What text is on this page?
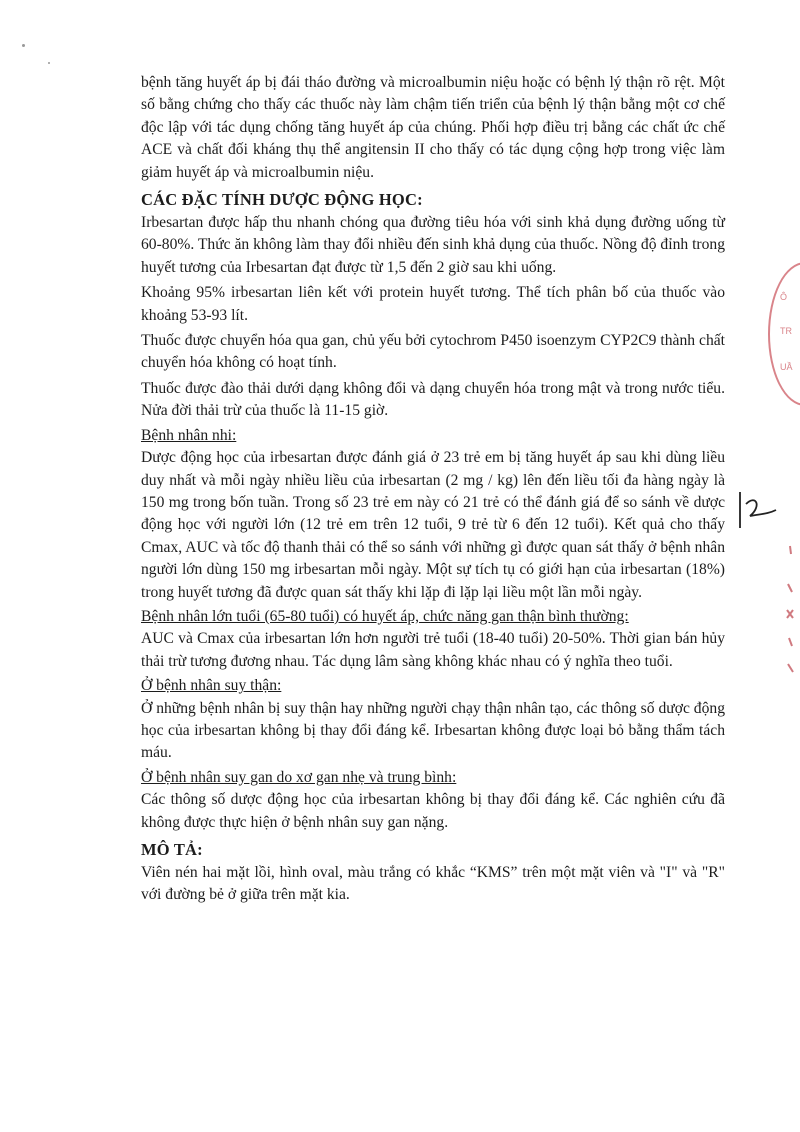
bệnh tăng huyết áp bị đái tháo đường và microalbumin niệu hoặc có bệnh lý thận rõ rệt. Một số bằng chứng cho thấy các thuốc này làm chậm tiến triển của bệnh lý thận bằng một cơ chế độc lập với tác dụng chống tăng huyết áp của chúng. Phối hợp điều trị bằng các chất ức chế ACE và chất đối kháng thụ thể angitensin II cho thấy có tác dụng cộng hợp trong việc làm giảm huyết áp và microalbumin niệu.

CÁC ĐẶC TÍNH DƯỢC ĐỘNG HỌC:

Irbesartan được hấp thu nhanh chóng qua đường tiêu hóa với sinh khả dụng đường uống từ 60-80%. Thức ăn không làm thay đổi nhiều đến sinh khả dụng của thuốc. Nồng độ đỉnh trong huyết tương của Irbesartan đạt được từ 1,5 đến 2 giờ sau khi uống.

Khoảng 95% irbesartan liên kết với protein huyết tương. Thể tích phân bố của thuốc vào khoảng 53-93 lít.

Thuốc được chuyển hóa qua gan, chủ yếu bởi cytochrom P450 isoenzym CYP2C9 thành chất chuyển hóa không có hoạt tính.

Thuốc được đào thải dưới dạng không đổi và dạng chuyển hóa trong mật và trong nước tiểu. Nửa đời thải trừ của thuốc là 11-15 giờ.

Bệnh nhân nhi:

Dược động học của irbesartan được đánh giá ở 23 trẻ em bị tăng huyết áp sau khi dùng liều duy nhất và mỗi ngày nhiều liều của irbesartan (2 mg / kg) lên đến liều tối đa hàng ngày là 150 mg trong bốn tuần. Trong số 23 trẻ em này có 21 trẻ có thể đánh giá để so sánh về dược động học với người lớn (12 trẻ em trên 12 tuổi, 9 trẻ từ 6 đến 12 tuổi). Kết quả cho thấy Cmax, AUC và tốc độ thanh thải có thể so sánh với những gì được quan sát thấy ở bệnh nhân người lớn dùng 150 mg irbesartan mỗi ngày. Một sự tích tụ có giới hạn của irbesartan (18%) trong huyết tương đã được quan sát thấy khi lặp đi lặp lại liều một lần mỗi ngày.

Bệnh nhân lớn tuổi (65-80 tuổi) có huyết áp, chức năng gan thận bình thường:

AUC và Cmax của irbesartan lớn hơn người trẻ tuổi (18-40 tuổi) 20-50%. Thời gian bán hủy thải trừ tương đương nhau. Tác dụng lâm sàng không khác nhau có ý nghĩa theo tuổi.

Ở bệnh nhân suy thận:

Ở những bệnh nhân bị suy thận hay những người chạy thận nhân tạo, các thông số dược động học của irbesartan không bị thay đổi đáng kể. Irbesartan không được loại bỏ bằng thẩm tách máu.

Ở bệnh nhân suy gan do xơ gan nhẹ và trung bình:

Các thông số dược động học của irbesartan không bị thay đổi đáng kể. Các nghiên cứu đã không được thực hiện ở bệnh nhân suy gan nặng.

MÔ TẢ:

Viên nén hai mặt lồi, hình oval, màu trắng có khắc “KMS” trên một mặt viên và "I" và "R" với đường bẻ ở giữa trên mặt kia.

Ô
TR
UẦ
